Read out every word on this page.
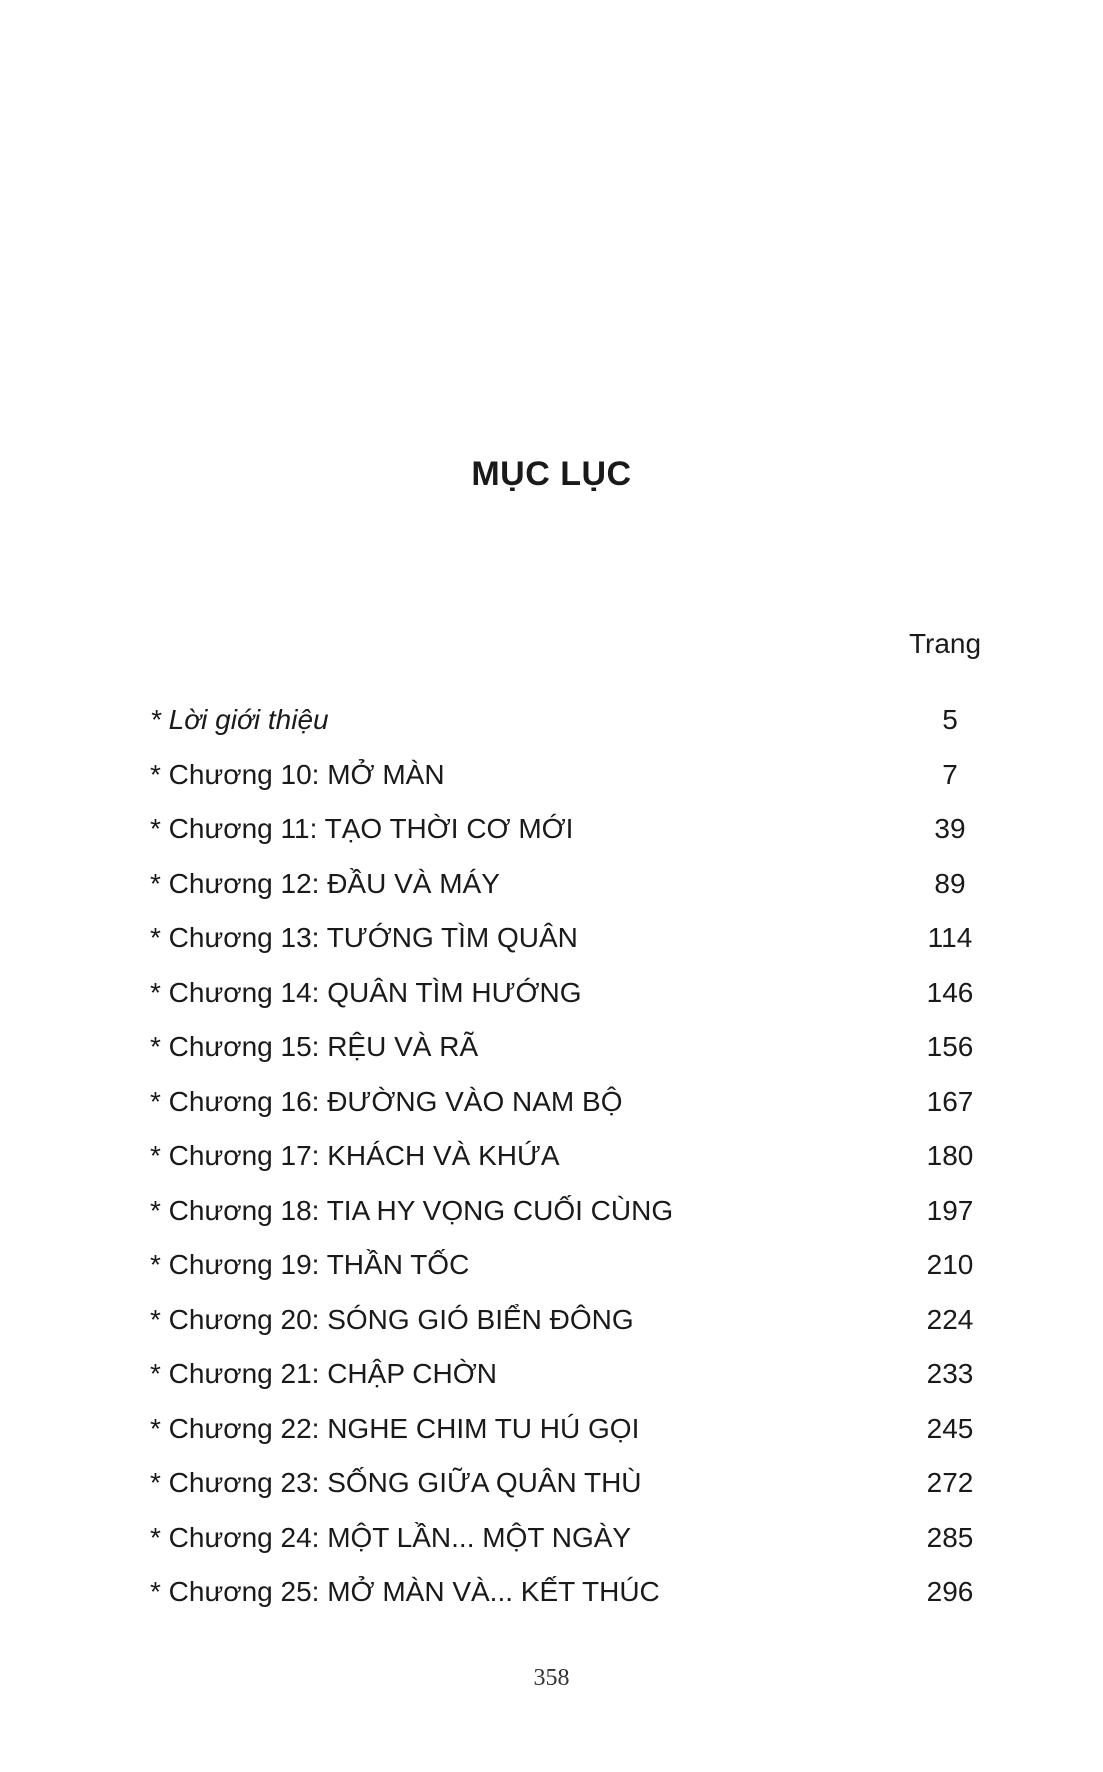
MỤC LỤC
Trang
* Lời giới thiệu	5
* Chương 10: MỞ MÀN	7
* Chương 11: TẠO THỜI CƠ MỚI	39
* Chương 12: ĐẦU VÀ MÁY	89
* Chương 13: TƯỚNG TÌM QUÂN	114
* Chương 14: QUÂN TÌM HƯỚNG	146
* Chương 15: RỆU VÀ RÃ	156
* Chương 16: ĐƯỜNG VÀO NAM BỘ	167
* Chương 17: KHÁCH VÀ KHỨA	180
* Chương 18: TIA HY VỌNG CUỐI CÙNG	197
* Chương 19: THẦN TỐC	210
* Chương 20: SÓNG GIÓ BIỂN ĐÔNG	224
* Chương 21: CHẬP CHỜN	233
* Chương 22: NGHE CHIM TU HÚ GỌI	245
* Chương 23: SỐNG GIỮA QUÂN THÙ	272
* Chương 24: MỘT LẦN... MỘT NGÀY	285
* Chương 25: MỞ MÀN VÀ... KẾT THÚC	296
358
